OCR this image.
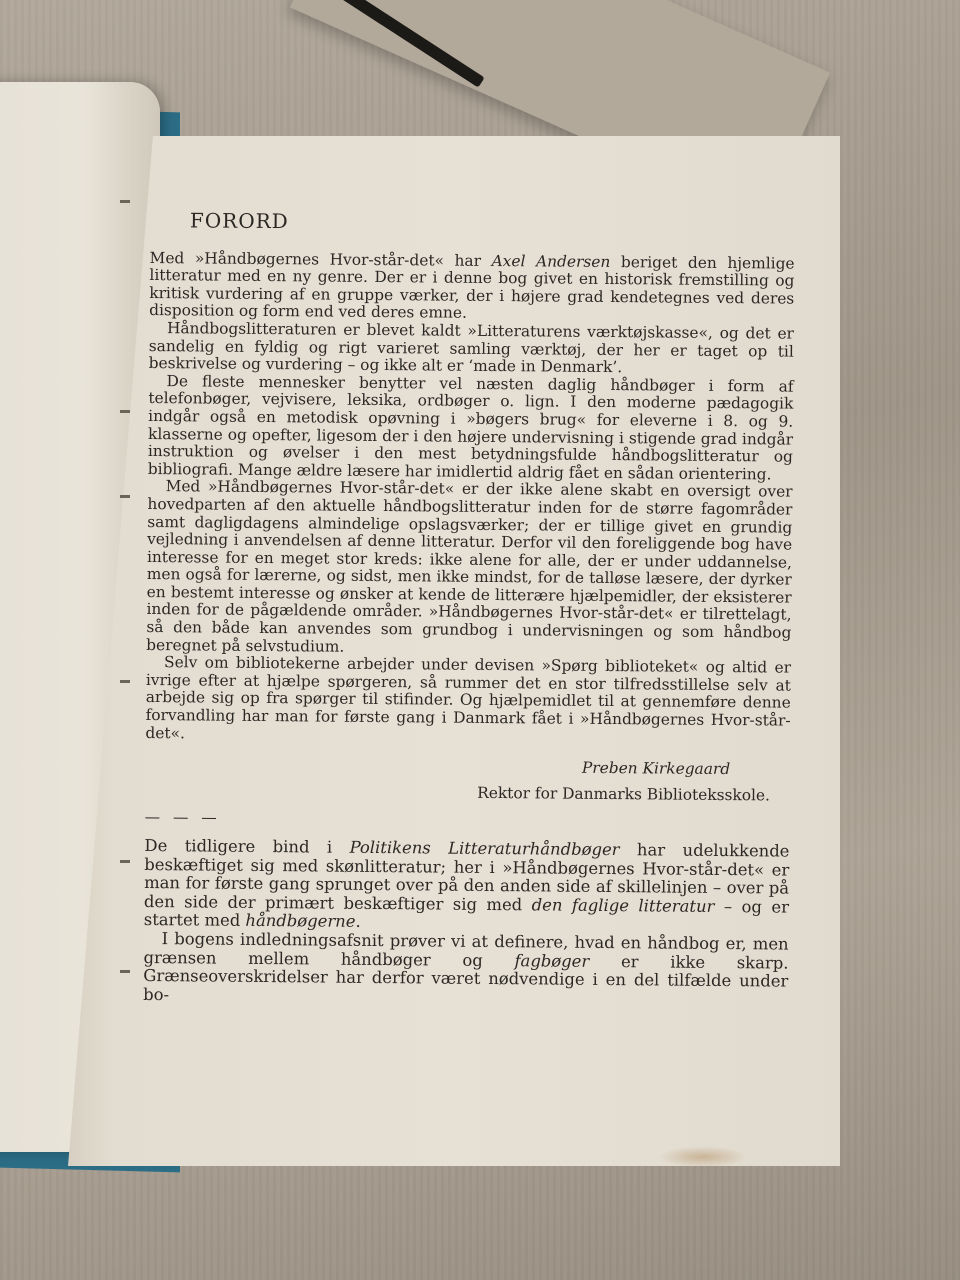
FORORD

Med »Håndbøgernes Hvor-står-det« har Axel Andersen beriget den hjemlige litteratur med en ny genre. Der er i denne bog givet en historisk fremstilling og kritisk vurdering af en gruppe værker, der i højere grad kendetegnes ved deres disposition og form end ved deres emne.

Håndbogslitteraturen er blevet kaldt »Litteraturens værktøjskasse«, og det er sandelig en fyldig og rigt varieret samling værktøj, der her er taget op til beskrivelse og vurdering – og ikke alt er ‘made in Denmark’.

De fleste mennesker benytter vel næsten daglig håndbøger i form af telefonbøger, vejvisere, leksika, ordbøger o. lign. I den moderne pædagogik indgår også en metodisk opøvning i »bøgers brug« for eleverne i 8. og 9. klasserne og opefter, ligesom der i den højere undervisning i stigende grad indgår instruktion og øvelser i den mest betydningsfulde håndbogslitteratur og bibliografi. Mange ældre læsere har imidlertid aldrig fået en sådan orientering.

Med »Håndbøgernes Hvor-står-det« er der ikke alene skabt en oversigt over hovedparten af den aktuelle håndbogslitteratur inden for de større fagområder samt dagligdagens almindelige opslagsværker; der er tillige givet en grundig vejledning i anvendelsen af denne litteratur. Derfor vil den foreliggende bog have interesse for en meget stor kreds: ikke alene for alle, der er under uddannelse, men også for lærerne, og sidst, men ikke mindst, for de talløse læsere, der dyrker en bestemt interesse og ønsker at kende de litterære hjælpemidler, der eksisterer inden for de pågældende områder. »Håndbøgernes Hvor-står-det« er tilrettelagt, så den både kan anvendes som grundbog i undervisningen og som håndbog beregnet på selvstudium.

Selv om bibliotekerne arbejder under devisen »Spørg biblioteket« og altid er ivrige efter at hjælpe spørgeren, så rummer det en stor tilfredsstillelse selv at arbejde sig op fra spørger til stifinder. Og hjælpemidlet til at gennemføre denne forvandling har man for første gang i Danmark fået i »Håndbøgernes Hvor-står-det«.

Preben Kirkegaard
Rektor for Danmarks Biblioteksskole.
— — —

De tidligere bind i Politikens Litteraturhåndbøger har udelukkende beskæftiget sig med skønlitteratur; her i »Håndbøgernes Hvor-står-det« er man for første gang sprunget over på den anden side af skillelinjen – over på den side der primært beskæftiger sig med den faglige litteratur – og er startet med håndbøgerne.

I bogens indledningsafsnit prøver vi at definere, hvad en håndbog er, men grænsen mellem håndbøger og fagbøger er ikke skarp. Grænseoverskridelser har derfor været nødvendige i en del tilfælde under bo-
